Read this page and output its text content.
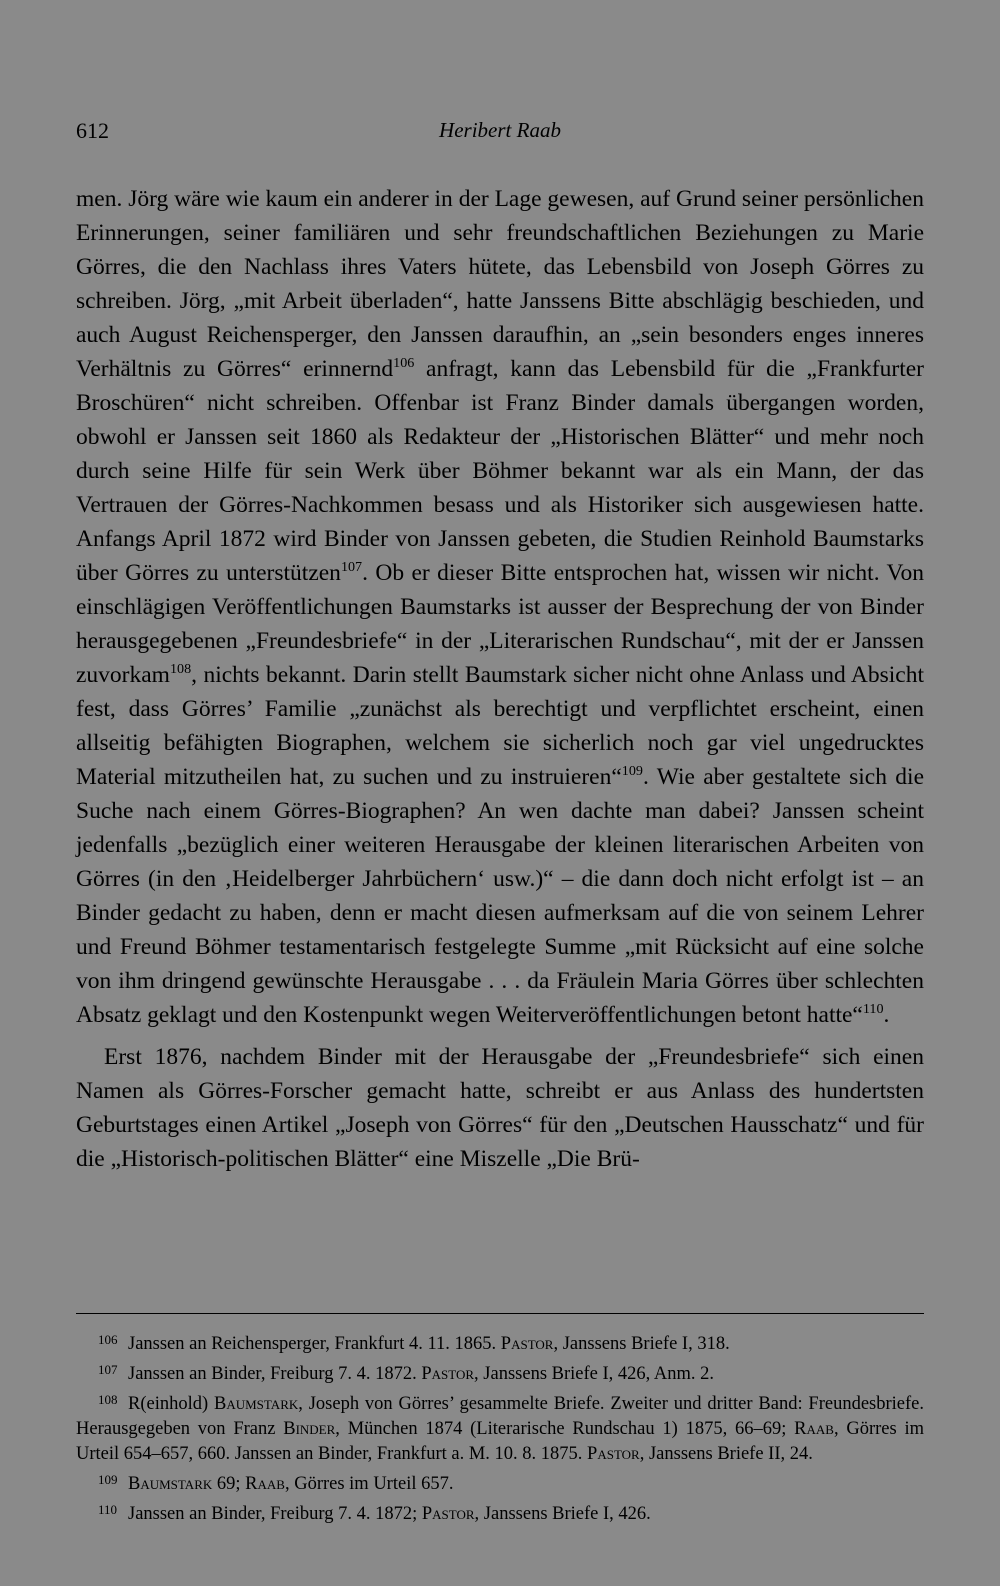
612	Heribert Raab

men. Jörg wäre wie kaum ein anderer in der Lage gewesen, auf Grund seiner persönlichen Erinnerungen, seiner familiären und sehr freundschaftlichen Beziehungen zu Marie Görres, die den Nachlass ihres Vaters hütete, das Lebensbild von Joseph Görres zu schreiben. Jörg, „mit Arbeit überladen“, hatte Janssens Bitte abschlägig beschieden, und auch August Reichensperger, den Janssen daraufhin, an „sein besonders enges inneres Verhältnis zu Görres“ erinnernd$^{106}$ anfragt, kann das Lebensbild für die „Frankfurter Broschüren“ nicht schreiben. Offenbar ist Franz Binder damals übergangen worden, obwohl er Janssen seit 1860 als Redakteur der „Historischen Blätter“ und mehr noch durch seine Hilfe für sein Werk über Böhmer bekannt war als ein Mann, der das Vertrauen der Görres-Nachkommen besass und als Historiker sich ausgewiesen hatte. Anfangs April 1872 wird Binder von Janssen gebeten, die Studien Reinhold Baumstarks über Görres zu unterstützen$^{107}$. Ob er dieser Bitte entsprochen hat, wissen wir nicht. Von einschlägigen Veröffentlichungen Baumstarks ist ausser der Besprechung der von Binder herausgegebenen „Freundesbriefe“ in der „Literarischen Rundschau“, mit der er Janssen zuvorkam$^{108}$, nichts bekannt. Darin stellt Baumstark sicher nicht ohne Anlass und Absicht fest, dass Görres’ Familie „zunächst als berechtigt und verpflichtet erscheint, einen allseitig befähigten Biographen, welchem sie sicherlich noch gar viel ungedrucktes Material mitzutheilen hat, zu suchen und zu instruieren“$^{109}$. Wie aber gestaltete sich die Suche nach einem Görres-Biographen? An wen dachte man dabei? Janssen scheint jedenfalls „bezüglich einer weiteren Herausgabe der kleinen literarischen Arbeiten von Görres (in den ‚Heidelberger Jahrbüchern‘ usw.)“ – die dann doch nicht erfolgt ist – an Binder gedacht zu haben, denn er macht diesen aufmerksam auf die von seinem Lehrer und Freund Böhmer testamentarisch festgelegte Summe „mit Rücksicht auf eine solche von ihm dringend gewünschte Herausgabe . . . da Fräulein Maria Görres über schlechten Absatz geklagt und den Kostenpunkt wegen Weiterveröffentlichungen betont hatte“$^{110}$.

Erst 1876, nachdem Binder mit der Herausgabe der „Freundesbriefe“ sich einen Namen als Görres-Forscher gemacht hatte, schreibt er aus Anlass des hundertsten Geburtstages einen Artikel „Joseph von Görres“ für den „Deutschen Hausschatz“ und für die „Historisch-politischen Blätter“ eine Miszelle „Die Brü-

106 Janssen an Reichensperger, Frankfurt 4. 11. 1865. Pastor, Janssens Briefe I, 318.

107 Janssen an Binder, Freiburg 7. 4. 1872. Pastor, Janssens Briefe I, 426, Anm. 2.

108 R(einhold) Baumstark, Joseph von Görres’ gesammelte Briefe. Zweiter und dritter Band: Freundesbriefe. Herausgegeben von Franz Binder, München 1874 (Literarische Rundschau 1) 1875, 66–69; Raab, Görres im Urteil 654–657, 660. Janssen an Binder, Frankfurt a. M. 10. 8. 1875. Pastor, Janssens Briefe II, 24.

109 Baumstark 69; Raab, Görres im Urteil 657.

110 Janssen an Binder, Freiburg 7. 4. 1872; Pastor, Janssens Briefe I, 426.
